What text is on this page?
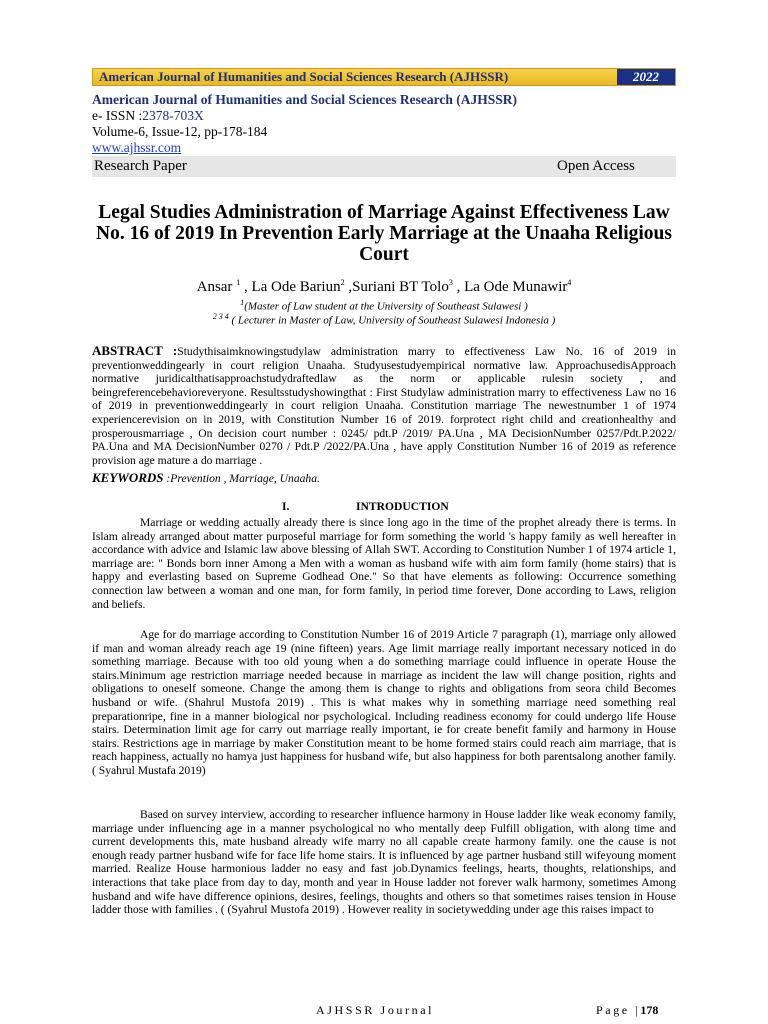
American Journal of Humanities and Social Sciences Research (AJHSSR)	2022
American Journal of Humanities and Social Sciences Research (AJHSSR)
e- ISSN :2378-703X
Volume-6, Issue-12, pp-178-184
www.ajhssr.com
Research Paper	Open Access
Legal Studies Administration of Marriage Against Effectiveness Law No. 16 of 2019 In Prevention Early Marriage at the Unaaha Religious Court
Ansar $^1$ , La Ode Bariun$^2$ ,Suriani BT Tolo$^3$ , La Ode Munawir$^4$
$^1$(Master of Law student at the University of Southeast Sulawesi )
$^{2 3 4}$ ( Lecturer in Master of Law, University of Southeast Sulawesi Indonesia )
ABSTRACT :Studythisaimknowingstudylaw administration marry to effectiveness Law No. 16 of 2019 in preventionweddingearly in court religion Unaaha. Studyusestudyempirical normative law. ApproachusedisApproach normative juridicalthatisapproachstudydraftedlaw as the norm or applicable rulesin society , and beingreferencebehavioreveryone. Resultsstudyshowingthat : First Studylaw administration marry to effectiveness Law no 16 of 2019 in preventionweddingearly in court religion Unaaha. Constitution marriage The newestnumber 1 of 1974 experiencerevision on in 2019, with Constitution Number 16 of 2019. forprotect right child and creationhealthy and prosperousmarriage , On decision court number : 0245/ pdt.P /2019/ PA.Una , MA DecisionNumber 0257/Pdt.P.2022/ PA.Una and MA DecisionNumber 0270 / Pdt.P /2022/PA.Una , have apply Constitution Number 16 of 2019 as reference provision age mature a do marriage .
KEYWORDS :Prevention , Marriage, Unaaha.
I.	INTRODUCTION
Marriage or wedding actually already there is since long ago in the time of the prophet already there is terms. In Islam already arranged about matter purposeful marriage for form something the world 's happy family as well hereafter in accordance with advice and Islamic law above blessing of Allah SWT. According to Constitution Number 1 of 1974 article 1, marriage are: " Bonds born inner Among a Men with a woman as husband wife with aim form family (home stairs) that is happy and everlasting based on Supreme Godhead One." So that have elements as following: Occurrence something connection law between a woman and one man, for form family, in period time forever, Done according to Laws, religion and beliefs.
Age for do marriage according to Constitution Number 16 of 2019 Article 7 paragraph (1), marriage only allowed if man and woman already reach age 19 (nine fifteen) years. Age limit marriage really important necessary noticed in do something marriage. Because with too old young when a do something marriage could influence in operate House the stairs.Minimum age restriction marriage needed because in marriage as incident the law will change position, rights and obligations to oneself someone. Change the among them is change to rights and obligations from seora child Becomes husband or wife. (Shahrul Mustofa 2019) . This is what makes why in something marriage need something real preparationripe, fine in a manner biological nor psychological. Including readiness economy for could undergo life House stairs. Determination limit age for carry out marriage really important, ie for create benefit family and harmony in House stairs. Restrictions age in marriage by maker Constitution meant to be home formed stairs could reach aim marriage, that is reach happiness, actually no hamya just happiness for husband wife, but also happiness for both parentsalong another family. ( Syahrul Mustafa 2019)
Based on survey interview, according to researcher influence harmony in House ladder like weak economy family, marriage under influencing age in a manner psychological no who mentally deep Fulfill obligation, with along time and current developments this, mate husband already wife marry no all capable create harmony family. one the cause is not enough ready partner husband wife for face life home stairs. It is influenced by age partner husband still wifeyoung moment married. Realize House harmonious ladder no easy and fast job.Dynamics feelings, hearts, thoughts, relationships, and interactions that take place from day to day, month and year in House ladder not forever walk harmony, sometimes Among husband and wife have difference opinions, desires, feelings, thoughts and others so that sometimes raises tension in House ladder those with families . ( (Syahrul Mustofa 2019) . However reality in societywedding under age this raises impact to
AJHSSR Journal	Page |178
